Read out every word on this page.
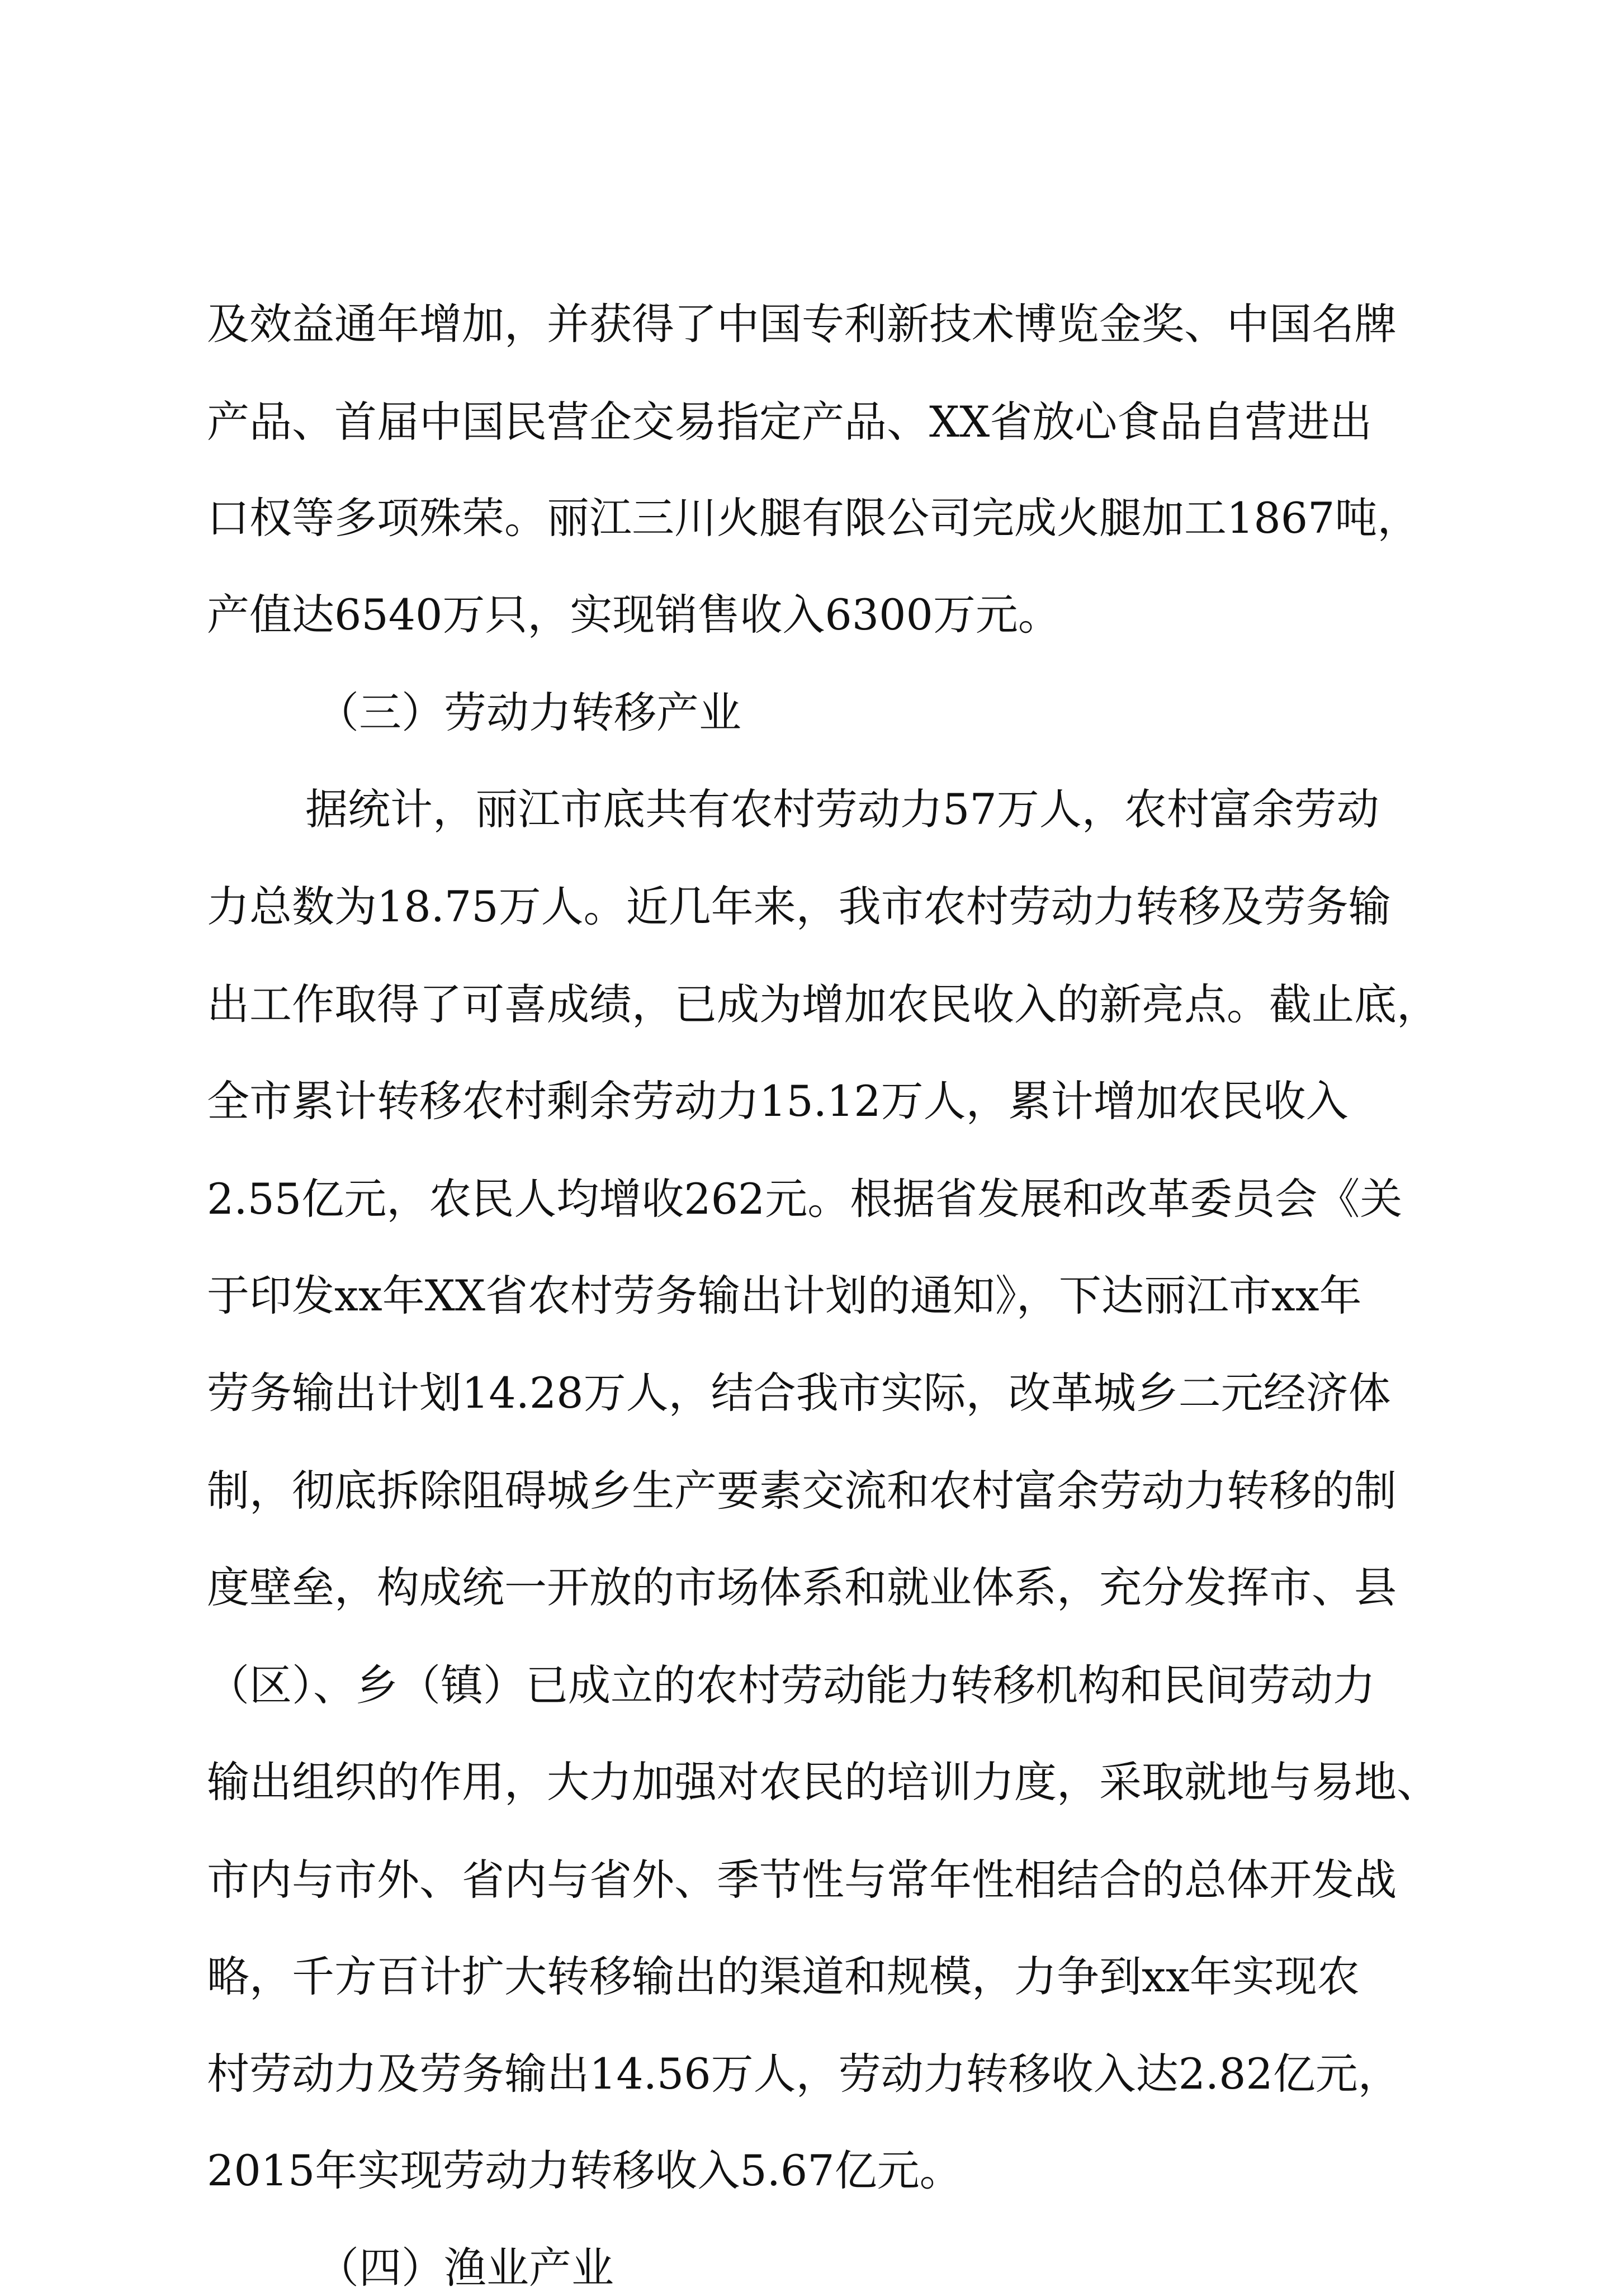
及效益通年增加，并获得了中国专利新技术博览金奖、中国名牌
产品、首届中国民营企交易指定产品、XX省放心食品自营进出
口权等多项殊荣。丽江三川火腿有限公司完成火腿加工1867吨，
产值达6540万只，实现销售收入6300万元。
（三）劳动力转移产业
据统计，丽江市底共有农村劳动力57万人，农村富余劳动
力总数为18.75万人。近几年来，我市农村劳动力转移及劳务输
出工作取得了可喜成绩，已成为增加农民收入的新亮点。截止底，
全市累计转移农村剩余劳动力15.12万人，累计增加农民收入
2.55亿元，农民人均增收262元。根据省发展和改革委员会《关
于印发xx年XX省农村劳务输出计划的通知》，下达丽江市xx年
劳务输出计划14.28万人，结合我市实际，改革城乡二元经济体
制，彻底拆除阻碍城乡生产要素交流和农村富余劳动力转移的制
度壁垒，构成统一开放的市场体系和就业体系，充分发挥市、县
（区）、乡（镇）已成立的农村劳动能力转移机构和民间劳动力
输出组织的作用，大力加强对农民的培训力度，采取就地与易地、
市内与市外、省内与省外、季节性与常年性相结合的总体开发战
略，千方百计扩大转移输出的渠道和规模，力争到xx年实现农
村劳动力及劳务输出14.56万人，劳动力转移收入达2.82亿元，
2015年实现劳动力转移收入5.67亿元。
（四）渔业产业
